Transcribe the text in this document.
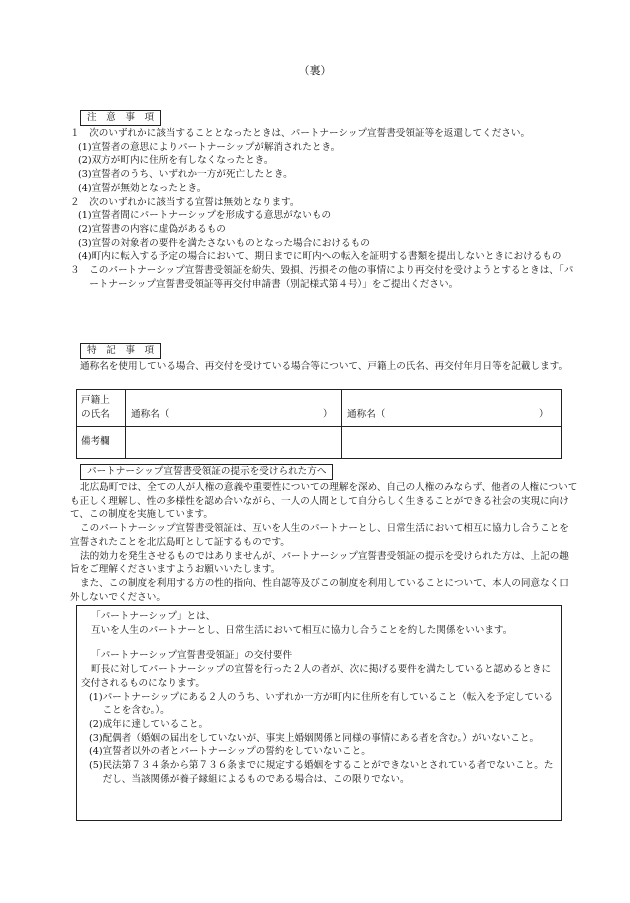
（裏）
注　意　事　項
１　 次のいずれかに該当することとなったときは、パートナーシップ宣誓書受領証等を返還してください。
(1) 宣誓者の意思によりパートナーシップが解消されたとき。
(2) 双方が町内に住所を有しなくなったとき。
(3) 宣誓者のうち、いずれか一方が死亡したとき。
(4) 宣誓が無効となったとき。
２　 次のいずれかに該当する宣誓は無効となります。
(1) 宣誓者間にパートナーシップを形成する意思がないもの
(2) 宣誓書の内容に虚偽があるもの
(3) 宣誓の対象者の要件を満たさないものとなった場合におけるもの
(4) 町内に転入する予定の場合において、期日までに町内への転入を証明する書類を提出しないときにおけるもの
３　 このパートナーシップ宣誓書受領証を紛失、毀損、汚損その他の事情により再交付を受けようとするときは、「パートナーシップ宣誓書受領証等再交付申請書（別記様式第４号）」をご提出ください。
特　記　事　項
通称名を使用している場合、再交付を受けている場合等について、戸籍上の氏名、再交付年月日等を記載します。
戸籍上
の氏名 通称名（	） 通称名（	）
備考欄
パートナーシップ宣誓書受領証の提示を受けられた方へ
北広島町では、全ての人が人権の意義や重要性についての理解を深め、自己の人権のみならず、他者の人権についても正しく理解し、性の多様性を認め合いながら、一人の人間として自分らしく生きることができる社会の実現に向けて、この制度を実施しています。
このパートナーシップ宣誓書受領証は、互いを人生のパートナーとし、日常生活において相互に協力し合うことを宣誓されたことを北広島町として証するものです。
法的効力を発生させるものではありませんが、パートナーシップ宣誓書受領証の提示を受けられた方は、上記の趣旨をご理解くださいますようお願いいたします。
また、この制度を利用する方の性的指向、性自認等及びこの制度を利用していることについて、本人の同意なく口外しないでください。
「パートナーシップ」とは、
互いを人生のパートナーとし、日常生活において相互に協力し合うことを約した関係をいいます。
「パートナーシップ宣誓書受領証」の交付要件
町長に対してパートナーシップの宣誓を行った２人の者が、次に掲げる要件を満たしていると認めるときに交付されるものになります。
(1) パートナーシップにある２人のうち、いずれか一方が町内に住所を有していること（転入を予定していることを含む。）。
(2) 成年に達していること。
(3) 配偶者（婚姻の届出をしていないが、事実上婚姻関係と同様の事情にある者を含む。）がいないこと。
(4) 宣誓者以外の者とパートナーシップの誓約をしていないこと。
(5) 民法第７３４条から第７３６条までに規定する婚姻をすることができないとされている者でないこと。ただし、当該関係が養子縁組によるものである場合は、この限りでない。
